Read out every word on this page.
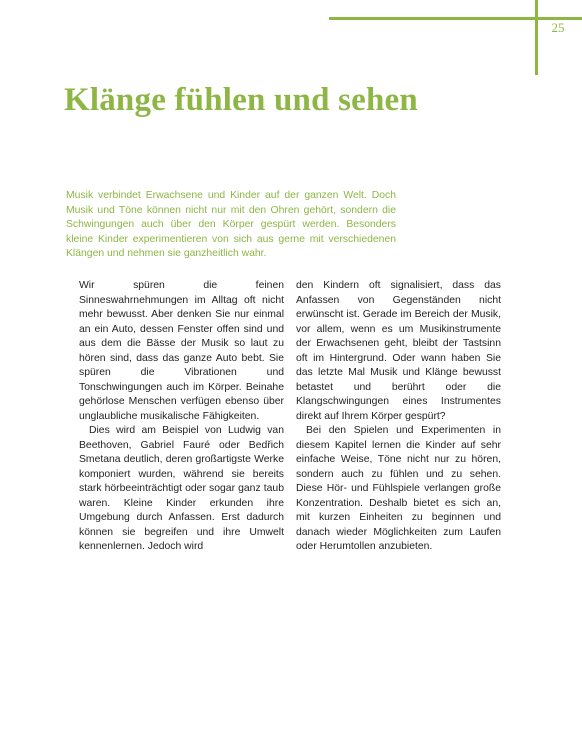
25
Klänge fühlen und sehen

Musik verbindet Erwachsene und Kinder auf der ganzen Welt. Doch Musik und Töne können nicht nur mit den Ohren gehört, sondern die Schwingungen auch über den Körper gespürt werden. Besonders kleine Kinder experimentieren von sich aus gerne mit verschiedenen Klängen und nehmen sie ganzheitlich wahr.

Wir spüren die feinen Sinneswahrnehmungen im Alltag oft nicht mehr bewusst. Aber denken Sie nur einmal an ein Auto, dessen Fenster offen sind und aus dem die Bässe der Musik so laut zu hören sind, dass das ganze Auto bebt. Sie spüren die Vibrationen und Tonschwingungen auch im Körper. Beinahe gehörlose Menschen verfügen ebenso über unglaubliche musikalische Fähigkeiten.

Dies wird am Beispiel von Ludwig van Beethoven, Gabriel Fauré oder Bedřich Smetana deutlich, deren großartigste Werke komponiert wurden, während sie bereits stark hörbeeinträchtigt oder sogar ganz taub waren. Kleine Kinder erkunden ihre Umgebung durch Anfassen. Erst dadurch können sie begreifen und ihre Umwelt kennenlernen. Jedoch wird

den Kindern oft signalisiert, dass das Anfassen von Gegenständen nicht erwünscht ist. Gerade im Bereich der Musik, vor allem, wenn es um Musikinstrumente der Erwachsenen geht, bleibt der Tastsinn oft im Hintergrund. Oder wann haben Sie das letzte Mal Musik und Klänge bewusst betastet und berührt oder die Klangschwingungen eines Instrumentes direkt auf Ihrem Körper gespürt?

Bei den Spielen und Experimenten in diesem Kapitel lernen die Kinder auf sehr einfache Weise, Töne nicht nur zu hören, sondern auch zu fühlen und zu sehen. Diese Hör- und Fühlspiele verlangen große Konzentration. Deshalb bietet es sich an, mit kurzen Einheiten zu beginnen und danach wieder Möglichkeiten zum Laufen oder Herumtollen anzubieten.
